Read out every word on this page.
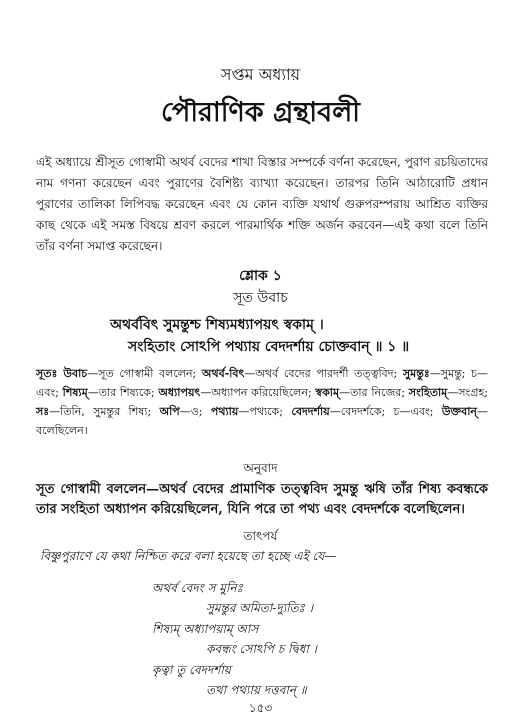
সপ্তম অধ্যায়
পৌরাণিক গ্রন্থাবলী

এই অধ্যায়ে শ্রীসূত গোস্বামী অথর্ব বেদের শাখা বিস্তার সম্পর্কে বর্ণনা করেছেন, পুরাণ রচয়িতাদের নাম গণনা করেছেন এবং পুরাণের বৈশিষ্ট্য ব্যাখ্যা করেছেন। তারপর তিনি আঠারোটি প্রধান পুরাণের তালিকা লিপিবদ্ধ করেছেন এবং যে কোন ব্যক্তি যথার্থ গুরুপরম্পরায় আশ্রিত ব্যক্তির কাছ থেকে এই সমস্ত বিষয়ে শ্রবণ করলে পারমার্থিক শক্তি অর্জন করবেন—এই কথা বলে তিনি তাঁর বর্ণনা সমাপ্ত করেছেন।

শ্লোক ১
সূত উবাচ
অথর্ববিৎ সুমন্তুশ্চ শিষ্যমধ্যাপয়ৎ স্বকাম্ ।
সংহিতাং সোঽপি পথ্যায় বেদদর্শায় চোক্তবান্ ॥ ১ ॥

সূতঃ উবাচ—সূত গোস্বামী বললেন; অথর্ব-বিৎ—অথর্ব বেদের পারদর্শী তত্ত্ববিদ; সুমন্তুঃ—সুমন্তু; চ—এবং; শিষ্যম্—তার শিষ্যকে; অধ্যাপয়ৎ—অধ্যাপন করিয়েছিলেন; স্বকাম্—তার নিজের; সংহিতাম্—সংগ্রহ; সঃ—তিনি, সুমন্তুর শিষ্য; অপি—ও; পথ্যায়—পথ্যকে; বেদদর্শায়—বেদদর্শকে; চ—এবং; উক্তবান্—বলেছিলেন।

অনুবাদ

সূত গোস্বামী বললেন—অথর্ব বেদের প্রামাণিক তত্ত্ববিদ সুমন্তু ঋষি তাঁর শিষ্য কবন্ধকে তার সংহিতা অধ্যাপন করিয়েছিলেন, যিনি পরে তা পথ্য এবং বেদদর্শকে বলেছিলেন।

তাৎপর্য
বিষ্ণুপুরাণে যে কথা নিশ্চিত করে বলা হয়েছে তা হচ্ছে এই যে—
অথর্ব বেদং স মুনিঃ
সুমন্তুর অমিতা-দ্যুতিঃ ।
শিষ্যম্ অধ্যাপয়াম্ আস
কবন্ধং সোঽপি চ দ্বিধা ।
কৃত্বা তু বেদদর্শায়
তথা পথ্যায় দত্তবান্ ॥
১৫৩
